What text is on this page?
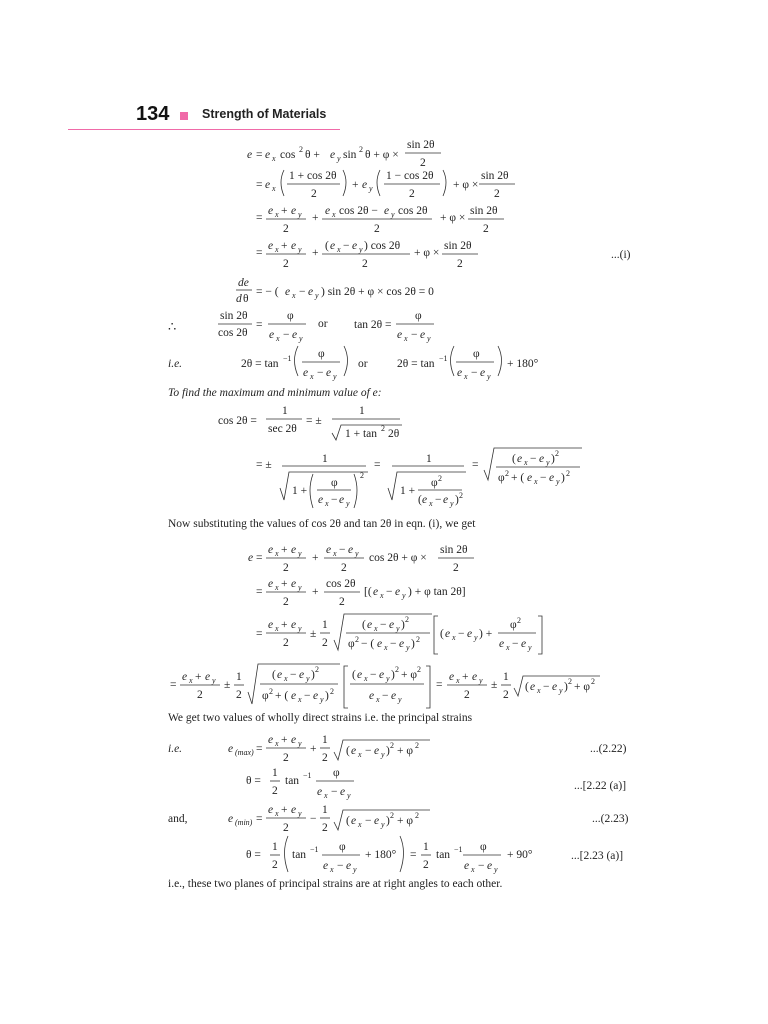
134	Strength of Materials
e = e x cos 2 θ + e y sin 2 θ + φ ×
sin 2θ
2
= e x
1 + cos 2θ
2
+ e y
1 − cos 2θ
2
+ φ ×
sin 2θ
2
=
e x + e y
2
+
e x cos 2θ − e y cos 2θ
2
+ φ ×
sin 2θ
2
=
e x + e y
2
+
( e x − e y ) cos 2θ
2
+ φ ×
sin 2θ
2
de
d θ
= − ( e x − e y ) sin 2θ + φ × cos 2θ = 0
sin 2θ
cos 2θ
=
φ
e x − e y
tan 2θ =
φ
e x − e y
2θ = tan −1 φ
e x − e y
2θ = tan −1 φ
e x − e y
+ 180°
cos 2θ =
1
sec 2θ
= ±
1
1 + tan 2 2θ
= ±	1
1 +
φ
e x − e y
2
=	1
1 +
φ 2
( e x − e y ) 2
=	( e x − e y ) 2
φ 2 + ( e x − e y ) 2
e =
e x + e y
2
+
e x − e y
2
cos 2θ + φ ×
sin 2θ
2
=
e x + e y
2
+
cos 2θ
2
[( e x − e y ) + φ tan 2θ]
=
e x + e y
2
±
1
2
( e x − e y ) 2
φ 2 − ( e x − e y ) 2 ( e x − e y ) +
φ 2
e x − e y
=
e x + e y
2
±
1
2
( e x − e y ) 2
φ 2 + ( e x − e y ) 2
( e x − e y ) 2 + φ 2
e x − e y
=
e x + e y
2
±
1
2
( e x − e y ) 2 + φ 2
e (max) =
e x + e y
2
+
1
2
( e x − e y ) 2 + φ 2
θ =
1
2
tan −1 φ
e x − e y
e (min) =
e x + e y
2
−
1
2
( e x − e y ) 2 + φ 2
θ =
1
2
tan −1 φ
e x − e y
+ 180° =
1
2
tan −1 φ
e x − e y
+ 90°
...(i)
∴	or
i.e.	or
To find the maximum and minimum value of e:
Now substituting the values of cos 2θ and tan 2θ in eqn. (i), we get
We get two values of wholly direct strains i.e. the principal strains
i.e.	...(2.22)
...[2.22 (a)]
and,	...(2.23)
...[2.23 (a)]
i.e., these two planes of principal strains are at right angles to each other.
